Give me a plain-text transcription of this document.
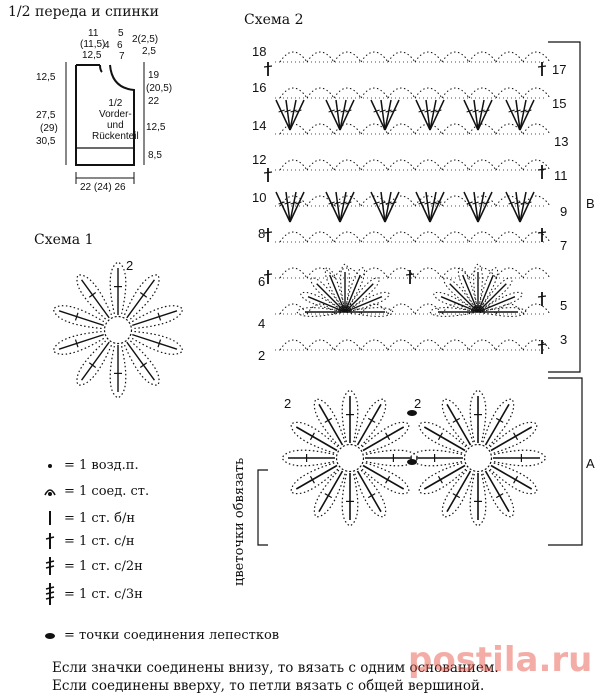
1/2 переда и спинки
Схема 1
Схема 2
1/2
Vorder-
und
Rückenteil
11
(11,5)
12,5
5
4 6
7
2(2,5)
2,5
12,5
27,5
(29)
30,5
19
(20,5)
22
12,5
8,5
22 (24) 26
2
18
16
14
12
10
8
6
4
2
17
15
13
11
9
7
5
3
B
A
цветочки обвязать
2	2
= 1 возд.п.
= 1 соед. ст.
= 1 ст. б/н
= 1 ст. с/н
= 1 ст. с/2н
= 1 ст. с/3н
= точки соединения лепестков
Если значки соединены внизу, то вязать с одним основанием.
Если соединены вверху, то петли вязать с общей вершиной.
postila.ru
